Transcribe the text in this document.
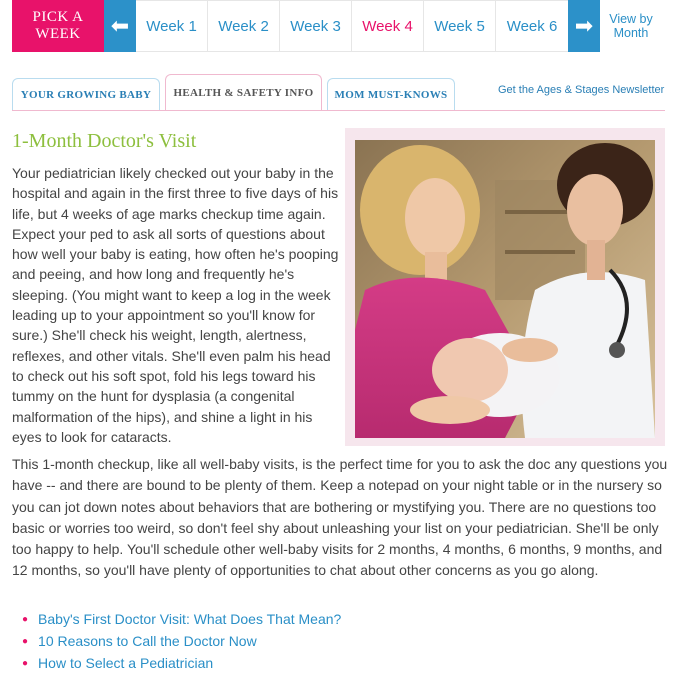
PICK A
WEEK ⬅	Week 1	Week 2	Week 3	Week 4	Week 5	Week 6 ➡ View by
Month
YOUR GROWING BABY	HEALTH & SAFETY INFO	MOM MUST-KNOWS	Get the Ages & Stages Newsletter
1-Month Doctor's Visit

Your pediatrician likely checked out your baby in the hospital and again in the first three to five days of his life, but 4 weeks of age marks checkup time again. Expect your ped to ask all sorts of questions about how well your baby is eating, how often he's pooping and peeing, and how long and frequently he's sleeping. (You might want to keep a log in the week leading up to your appointment so you'll know for sure.) She'll check his weight, length, alertness, reflexes, and other vitals. She'll even palm his head to check out his soft spot, fold his legs toward his tummy on the hunt for dysplasia (a congenital malformation of the hips), and shine a light in his eyes to look for cataracts.

This 1-month checkup, like all well-baby visits, is the perfect time for you to ask the doc any questions you have -- and there are bound to be plenty of them. Keep a notepad on your night table or in the nursery so you can jot down notes about behaviors that are bothering or mystifying you. There are no questions too basic or worries too weird, so don't feel shy about unleashing your list on your pediatrician. She'll be only too happy to help. You'll schedule other well-baby visits for 2 months, 4 months, 6 months, 9 months, and 12 months, so you'll have plenty of opportunities to chat about other concerns as you go along.

● Baby's First Doctor Visit: What Does That Mean?
● 10 Reasons to Call the Doctor Now
● How to Select a Pediatrician
